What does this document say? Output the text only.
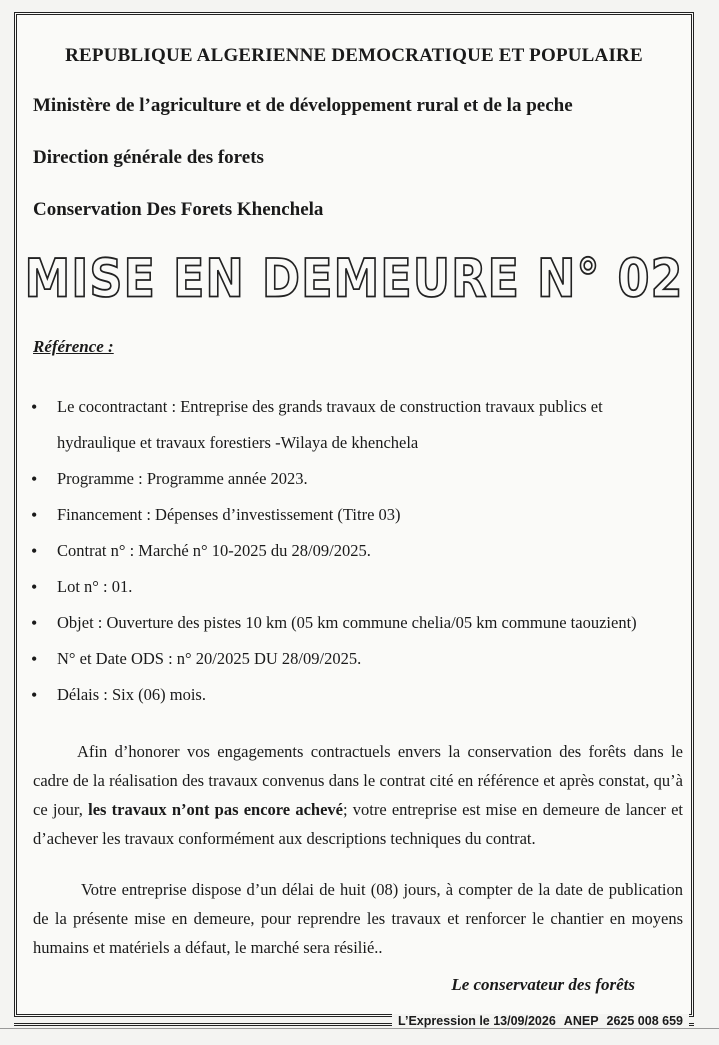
REPUBLIQUE ALGERIENNE DEMOCRATIQUE ET POPULAIRE
Ministère de l’agriculture et de développement rural et de la peche
Direction générale des forets
Conservation Des Forets Khenchela
MISE EN DEMEURE N° 02
Référence :
• Le cocontractant : Entreprise des grands travaux de construction travaux publics et hydraulique et travaux forestiers -Wilaya de khenchela
• Programme : Programme année 2023.
• Financement : Dépenses d’investissement (Titre 03)
• Contrat n° : Marché n° 10-2025 du 28/09/2025.
• Lot n° : 01.
• Objet : Ouverture des pistes 10 km (05 km commune chelia/05 km commune taouzient)
• N° et Date ODS : n° 20/2025 DU 28/09/2025.
• Délais : Six (06) mois.
Afin d’honorer vos engagements contractuels envers la conservation des forêts dans le cadre de la réalisation des travaux convenus dans le contrat cité en référence et après constat, qu’à ce jour, les travaux n’ont pas encore achevé; votre entreprise est mise en demeure de lancer et d’achever les travaux conformément aux descriptions techniques du contrat.
Votre entreprise dispose d’un délai de huit (08) jours, à compter de la date de publication de la présente mise en demeure, pour reprendre les travaux et renforcer le chantier en moyens humains et matériels a défaut, le marché sera résilié..
Le conservateur des forêts
L’Expression le 13/09/2026 ANEP 2625 008 659
